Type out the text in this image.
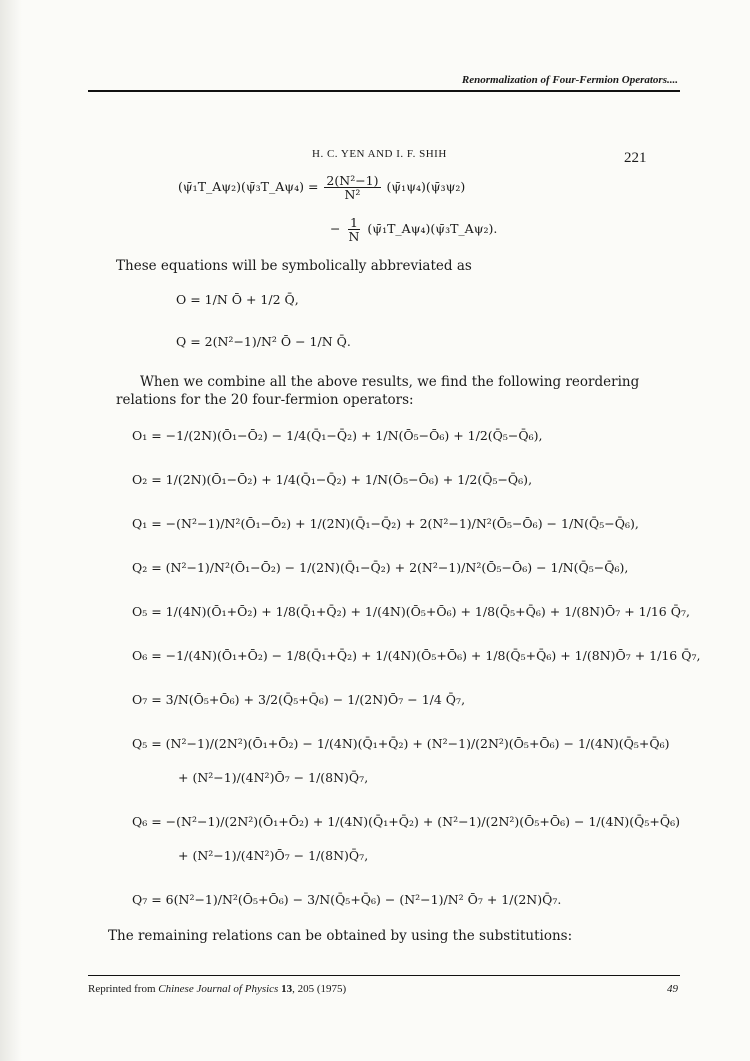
Renormalization of Four-Fermion Operators....
H. C. YEN AND I. F. SHIH	221
(ψ̄₁T_Aψ₂)(ψ̄₃T_Aψ₄) = $\frac{\text{2(N²−1)}}{\text{N²}}$ (ψ̄₁ψ₄)(ψ̄₃ψ₂)
− $\frac{1}{N}$ (ψ̄₁T_Aψ₄)(ψ̄₃T_Aψ₂).
These equations will be symbolically abbreviated as
O = 1/N Ō + 1/2 Q̄,
Q = 2(N²−1)/N² Ō − 1/N Q̄.
When we combine all the above results, we find the following reordering
relations for the 20 four-fermion operators:
O₁ = −1/(2N)(Ō₁−Ō₂) − 1/4(Q̄₁−Q̄₂) + 1/N(Ō₅−Ō₆) + 1/2(Q̄₅−Q̄₆),
O₂ = 1/(2N)(Ō₁−Ō₂) + 1/4(Q̄₁−Q̄₂) + 1/N(Ō₅−Ō₆) + 1/2(Q̄₅−Q̄₆),
Q₁ = −(N²−1)/N²(Ō₁−Ō₂) + 1/(2N)(Q̄₁−Q̄₂) + 2(N²−1)/N²(Ō₅−Ō₆) − 1/N(Q̄₅−Q̄₆),
Q₂ = (N²−1)/N²(Ō₁−Ō₂) − 1/(2N)(Q̄₁−Q̄₂) + 2(N²−1)/N²(Ō₅−Ō₆) − 1/N(Q̄₅−Q̄₆),
O₅ = 1/(4N)(Ō₁+Ō₂) + 1/8(Q̄₁+Q̄₂) + 1/(4N)(Ō₅+Ō₆) + 1/8(Q̄₅+Q̄₆) + 1/(8N)Ō₇ + 1/16 Q̄₇,
O₆ = −1/(4N)(Ō₁+Ō₂) − 1/8(Q̄₁+Q̄₂) + 1/(4N)(Ō₅+Ō₆) + 1/8(Q̄₅+Q̄₆) + 1/(8N)Ō₇ + 1/16 Q̄₇,
O₇ = 3/N(Ō₅+Ō₆) + 3/2(Q̄₅+Q̄₆) − 1/(2N)Ō₇ − 1/4 Q̄₇,
Q₅ = (N²−1)/(2N²)(Ō₁+Ō₂) − 1/(4N)(Q̄₁+Q̄₂) + (N²−1)/(2N²)(Ō₅+Ō₆) − 1/(4N)(Q̄₅+Q̄₆)
+ (N²−1)/(4N²)Ō₇ − 1/(8N)Q̄₇,
Q₆ = −(N²−1)/(2N²)(Ō₁+Ō₂) + 1/(4N)(Q̄₁+Q̄₂) + (N²−1)/(2N²)(Ō₅+Ō₆) − 1/(4N)(Q̄₅+Q̄₆)
+ (N²−1)/(4N²)Ō₇ − 1/(8N)Q̄₇,
Q₇ = 6(N²−1)/N²(Ō₅+Ō₆) − 3/N(Q̄₅+Q̄₆) − (N²−1)/N² Ō₇ + 1/(2N)Q̄₇.
The remaining relations can be obtained by using the substitutions:
Reprinted from Chinese Journal of Physics 13, 205 (1975)	49
